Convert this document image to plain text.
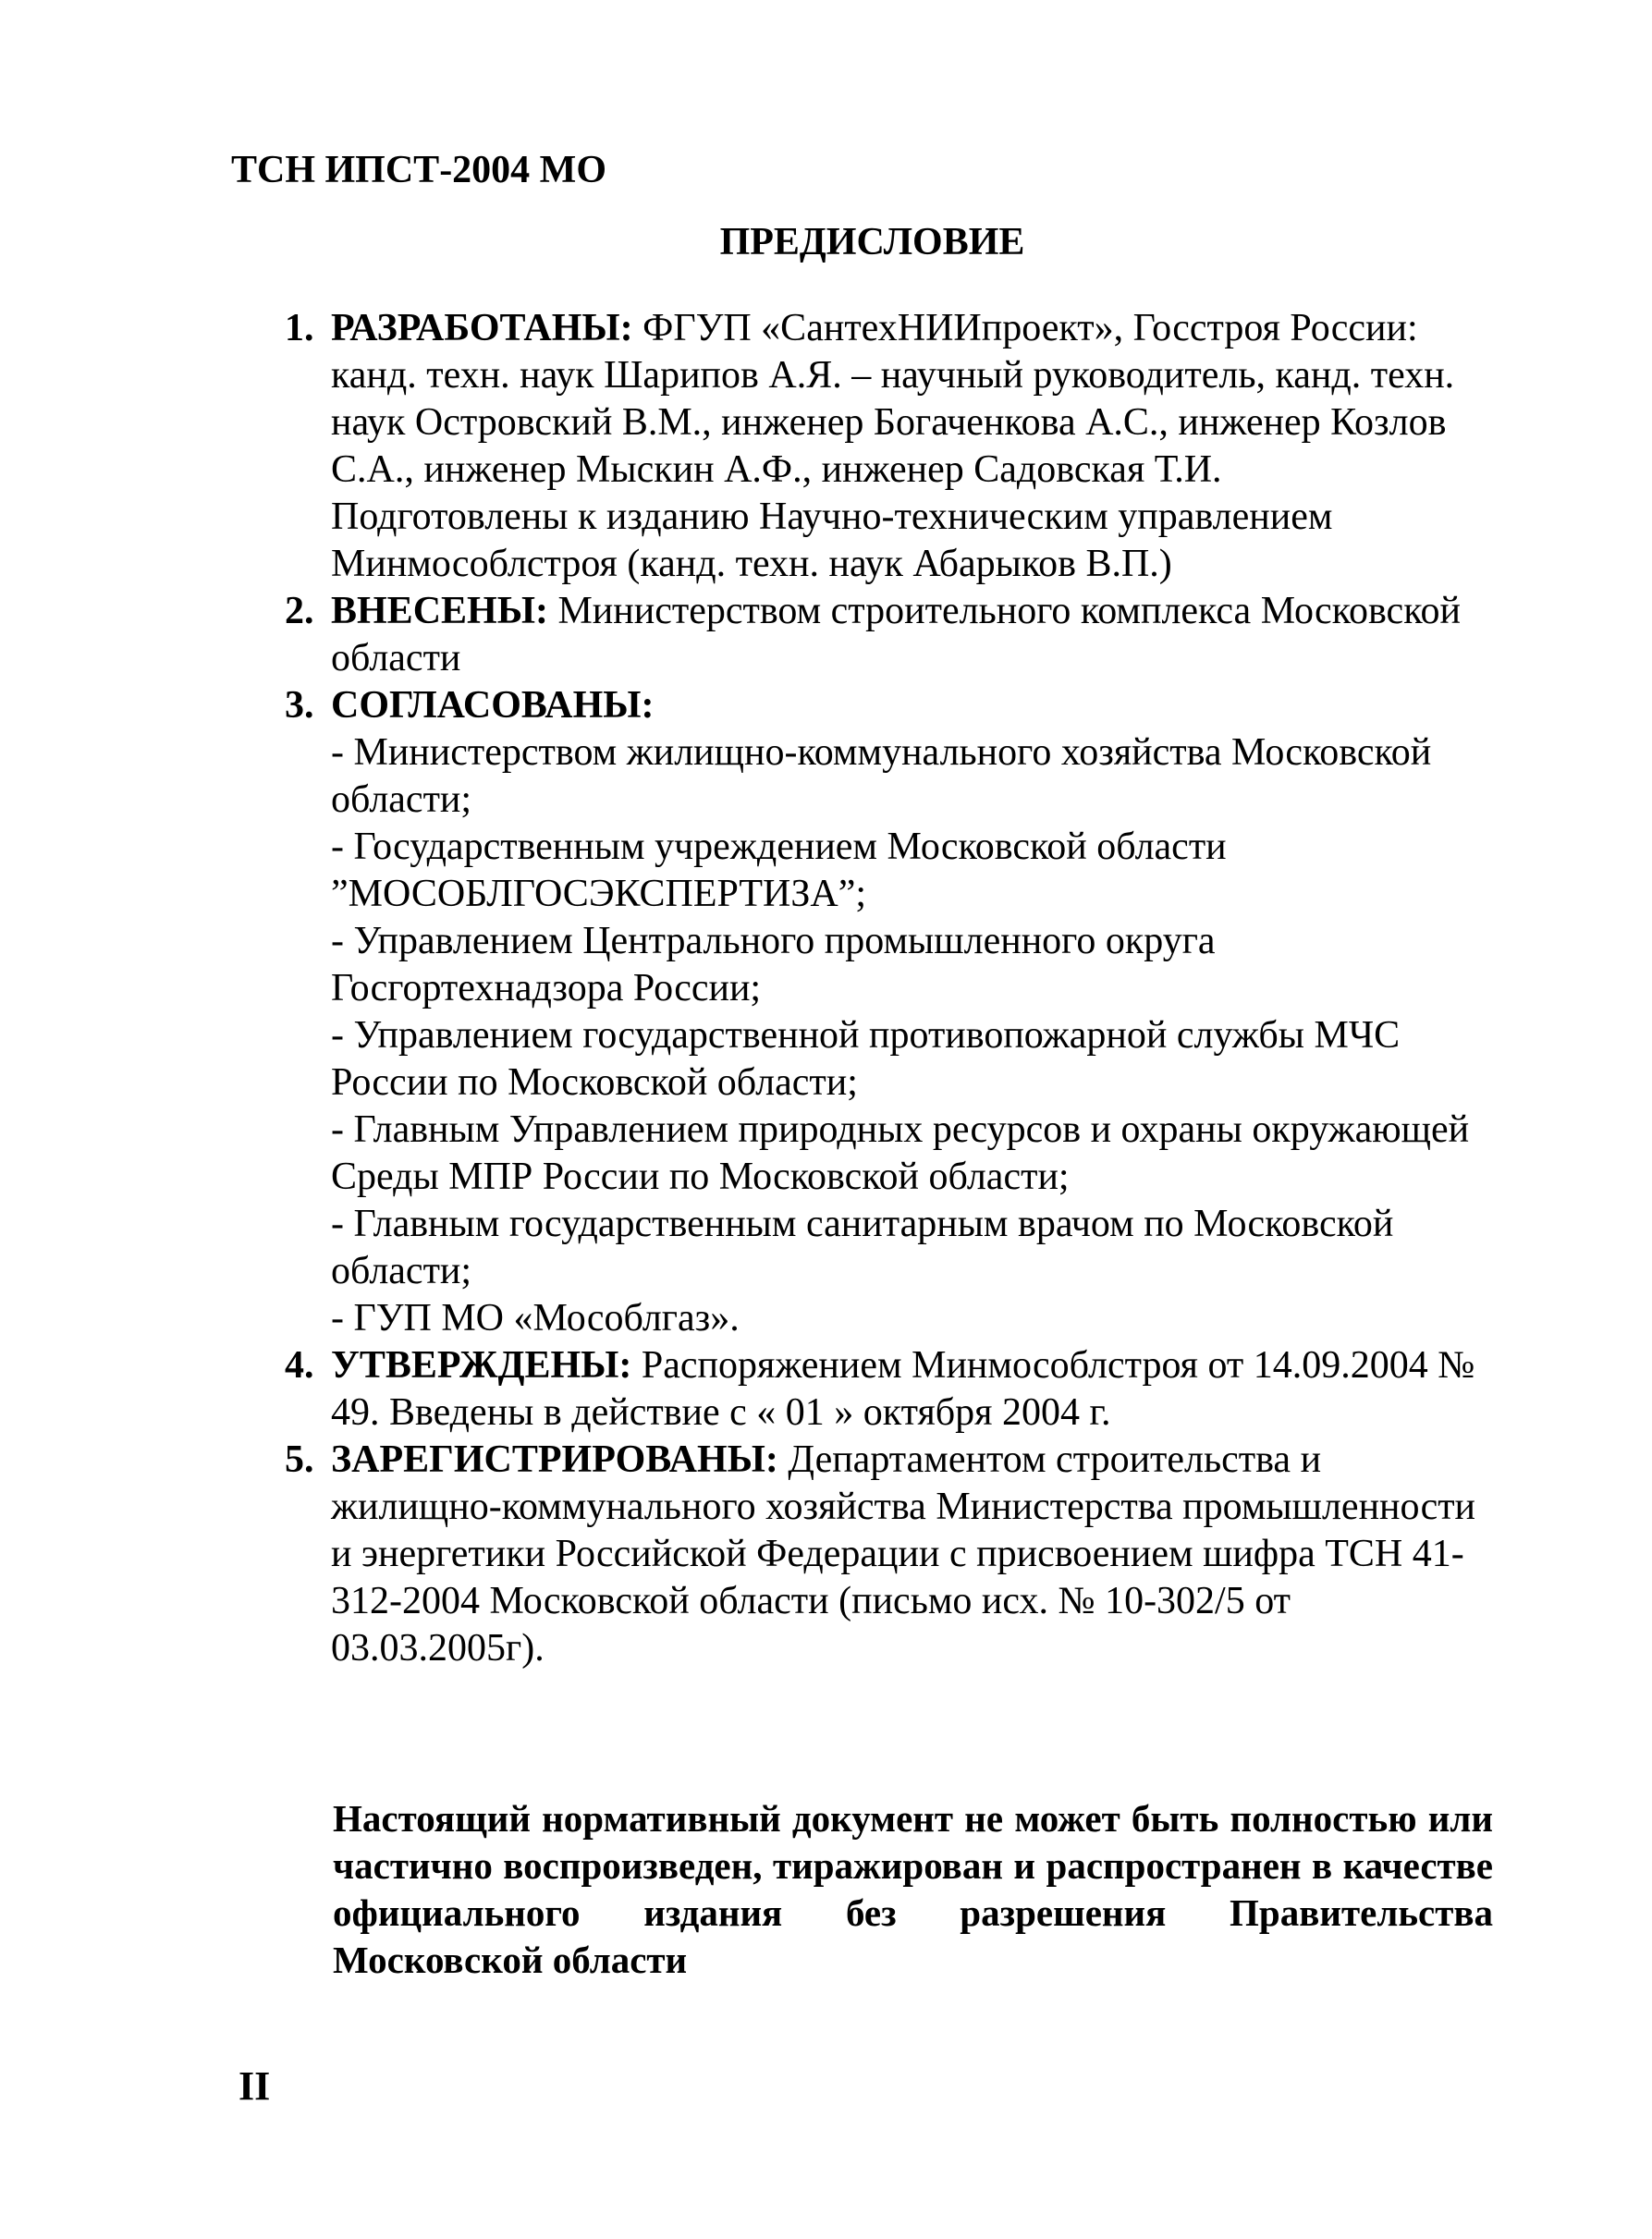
ТСН ИПСТ-2004 МО
ПРЕДИСЛОВИЕ
1. РАЗРАБОТАНЫ: ФГУП «СантехНИИпроект», Госстроя России: канд. техн. наук Шарипов А.Я. – научный руководитель, канд. техн. наук Островский В.М., инженер Богаченкова А.С., инженер Козлов С.А., инженер Мыскин А.Ф., инженер Садовская Т.И.
Подготовлены к изданию Научно-техническим управлением Минмособлстроя (канд. техн. наук Абарыков В.П.)
2. ВНЕСЕНЫ: Министерством строительного комплекса Московской области
3. СОГЛАСОВАНЫ:
- Министерством жилищно-коммунального хозяйства Московской области;
- Государственным учреждением Московской области ”МОСОБЛГОСЭКСПЕРТИЗА”;
- Управлением Центрального промышленного округа Госгортехнадзора России;
- Управлением государственной противопожарной службы МЧС России по Московской области;
- Главным Управлением природных ресурсов и охраны окружающей Среды МПР России по Московской области;
- Главным государственным санитарным врачом по Московской области;
- ГУП МО «Мособлгаз».
4. УТВЕРЖДЕНЫ: Распоряжением Минмособлстроя от 14.09.2004 № 49. Введены в действие с « 01 » октября 2004 г.
5. ЗАРЕГИСТРИРОВАНЫ: Департаментом строительства и жилищно-коммунального хозяйства Министерства промышленности и энергетики Российской Федерации с присвоением шифра ТСН 41-312-2004 Московской области (письмо исх. № 10-302/5 от 03.03.2005г).
Настоящий нормативный документ не может быть полностью или частично воспроизведен, тиражирован и распространен в качестве официального издания без разрешения Правительства Московской области
II
